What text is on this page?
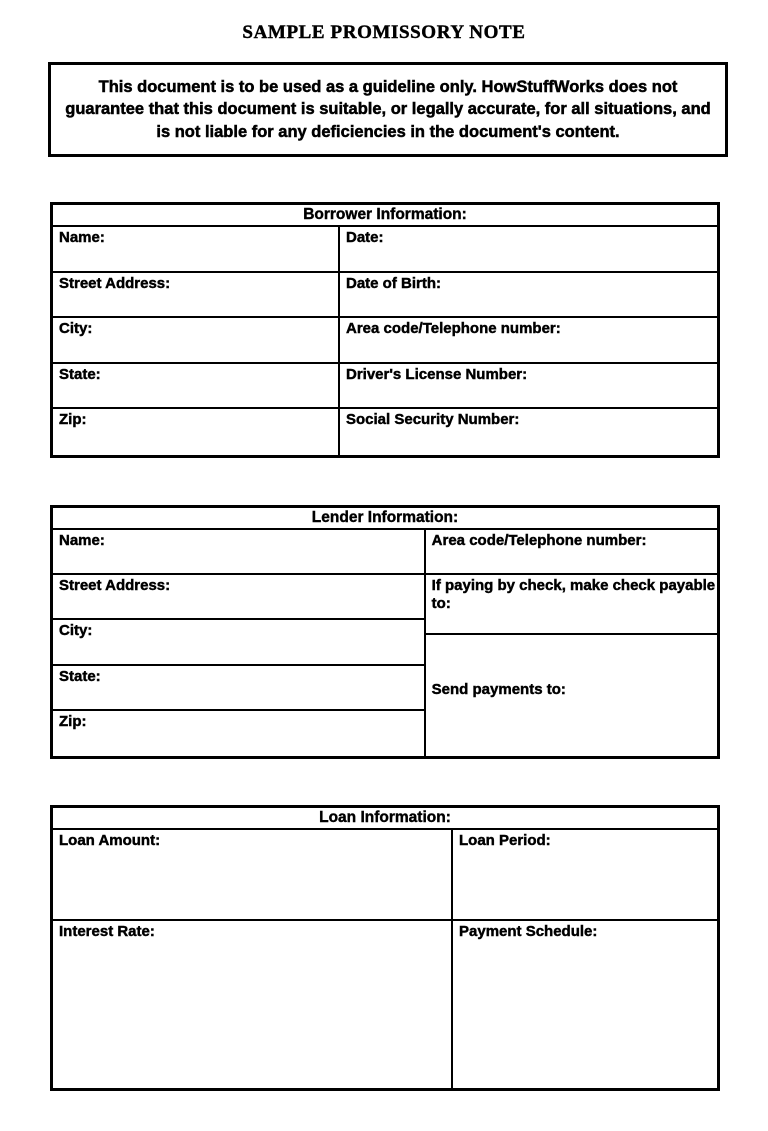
SAMPLE PROMISSORY NOTE
This document is to be used as a guideline only. HowStuffWorks does not guarantee that this document is suitable, or legally accurate, for all situations, and is not liable for any deficiencies in the document's content.
Borrower Information:
Name:
Street Address:
City:
State:
Zip:
Date:
Date of Birth:
Area code/Telephone number:
Driver's License Number:
Social Security Number:
Lender Information:
Name:
Street Address:
City:
State:
Zip:
Area code/Telephone number:
If paying by check, make check payable to:
Send payments to:
Loan Information:
Loan Amount:
Interest Rate:
Loan Period:
Payment Schedule:
